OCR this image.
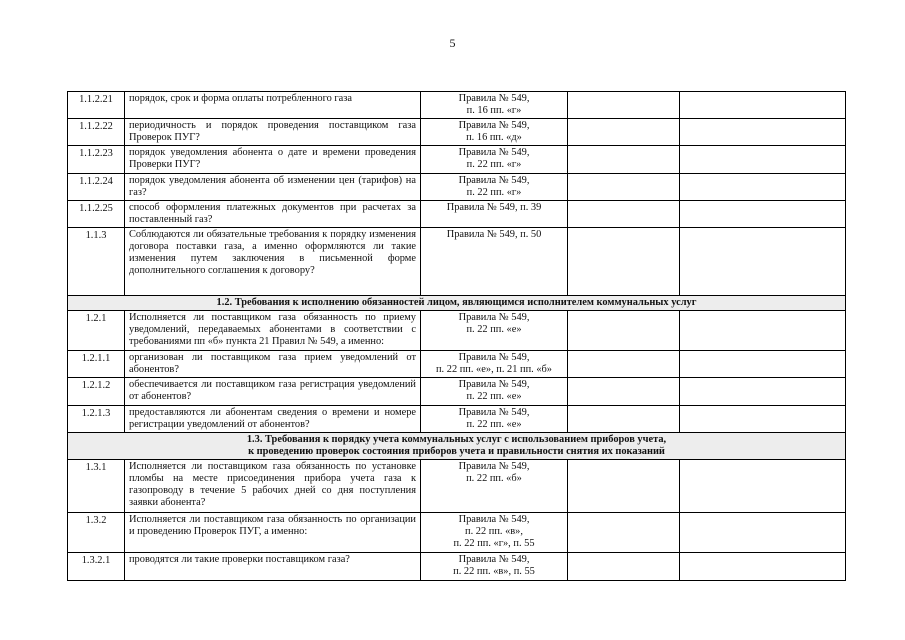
5
1.1.2.21	порядок, срок и форма оплаты потребленного газа	Правила № 549,
п. 16 пп. «г»		

1.1.2.22	периодичность и порядок проведения поставщиком газа Проверок ПУГ?	Правила № 549,
п. 16 пп. «д»		

1.1.2.23	порядок уведомления абонента о дате и времени проведения Проверки ПУГ?	Правила № 549,
п. 22 пп. «г»		

1.1.2.24	порядок уведомления абонента об изменении цен (тарифов) на газ?	Правила № 549,
п. 22 пп. «г»		

1.1.2.25	способ оформления платежных документов при расчетах за поставленный газ?	Правила № 549, п. 39		

1.1.3	Соблюдаются ли обязательные требования к порядку изменения договора поставки газа, а именно оформляются ли такие изменения путем заключения в письменной форме дополнительного соглашения к договору?	Правила № 549, п. 50		

1.2. Требования к исполнению обязанностей лицом, являющимся исполнителем коммунальных услуг				

1.2.1	Исполняется ли поставщиком газа обязанность по приему уведомлений, передаваемых абонентами в соответствии с требованиями пп «б» пункта 21 Правил № 549, а именно:	Правила № 549,
п. 22 пп. «е»		

1.2.1.1	организован ли поставщиком газа прием уведомлений от абонентов?	Правила № 549,
п. 22 пп. «е», п. 21 пп. «б»		

1.2.1.2	обеспечивается ли поставщиком газа регистрация уведомлений от абонентов?	Правила № 549,
п. 22 пп. «е»		

1.2.1.3	предоставляются ли абонентам сведения о времени и номере регистрации уведомлений от абонентов?	Правила № 549,
п. 22 пп. «е»		

1.3. Требования к порядку учета коммунальных услуг с использованием приборов учета,
к проведению проверок состояния приборов учета и правильности снятия их показаний				

1.3.1	Исполняется ли поставщиком газа обязанность по установке пломбы на месте присоединения прибора учета газа к газопроводу в течение 5 рабочих дней со дня поступления заявки абонента?	Правила № 549,
п. 22 пп. «б»		

1.3.2	Исполняется ли поставщиком газа обязанность по организации и проведению Проверок ПУГ, а именно:	Правила № 549,
п. 22 пп. «в»,
п. 22 пп. «г», п. 55		

1.3.2.1	проводятся ли такие проверки поставщиком газа?	Правила № 549,
п. 22 пп. «в», п. 55		
